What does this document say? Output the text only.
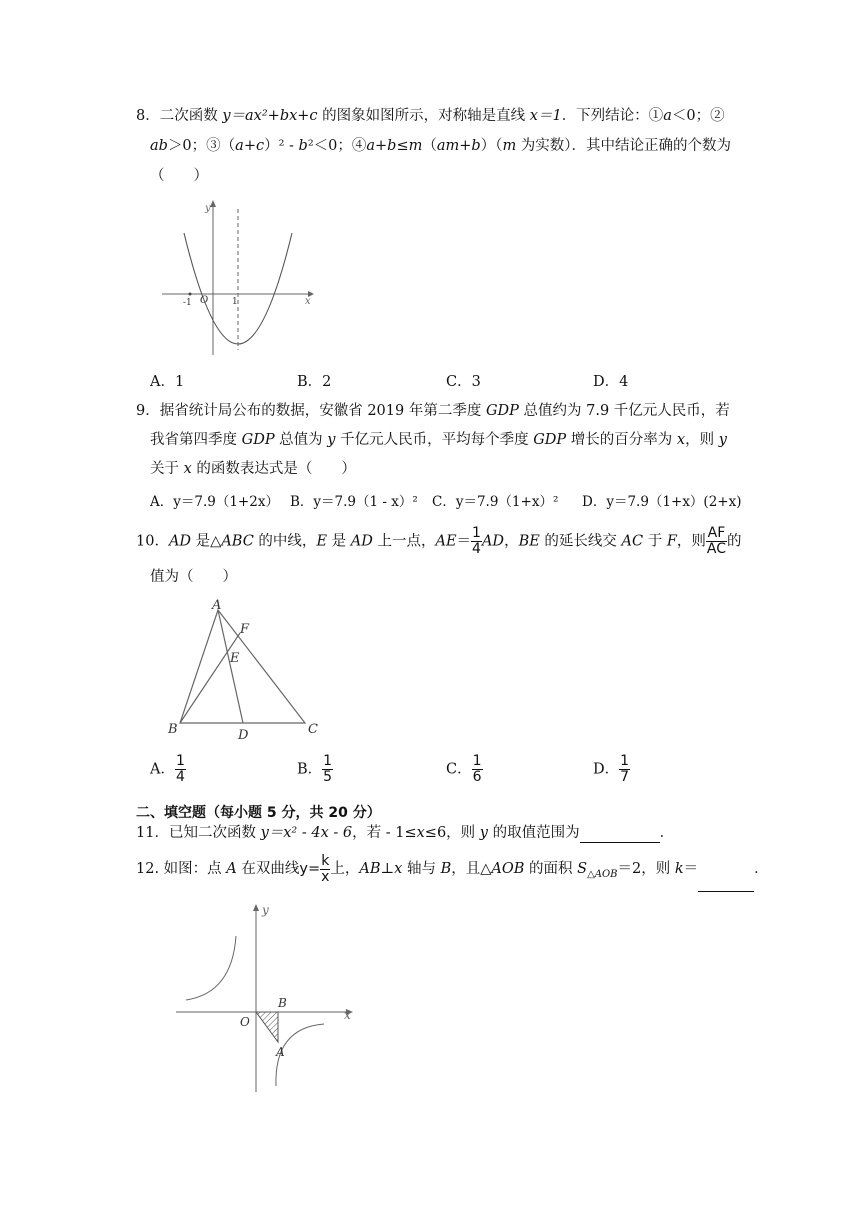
8．二次函数 y＝ax²+bx+c 的图象如图所示，对称轴是直线 x＝1．下列结论：①a＜0；②
ab＞0；③（a+c）² - b²＜0；④a+b≤m（am+b）（m 为实数）．其中结论正确的个数为
（　　）
y
x
O
-1	1
A．1	B．2	C．3	D．4
9．据省统计局公布的数据，安徽省 2019 年第二季度 GDP 总值约为 7.9 千亿元人民币，若
我省第四季度 GDP 总值为 y 千亿元人民币，平均每个季度 GDP 增长的百分率为 x，则 y
关于 x 的函数表达式是（　　）
A．y＝7.9（1+2x） B．y＝7.9（1 - x）² C．y＝7.9（1+x）² D．y＝7.9（1+x）(2+x)
10．AD 是△ABC 的中线，E 是 AD 上一点，$AE= \frac{1}{4}$ AD，BE 的延长线交 AC 于 F，则 $\frac{AF}{AC}$ 的
值为（　　）
A
B	C
D
E
F
A． $\frac{1}{4}$	B． $\frac{1}{5}$	C． $\frac{1}{6}$	D． $\frac{1}{7}$
二、填空题（每小题 5 分，共 20 分）
11．已知二次函数 y＝x² - 4x - 6，若 - 1≤x≤6，则 y 的取值范围为	．
12. 如图：点 A 在双曲线$y= \frac{k}{x}$ 上，AB⊥x 轴与 B，且△AOB 的面积 $S_{\triangle AOB}=2$，则 k＝	．
y
x
O
B
A
